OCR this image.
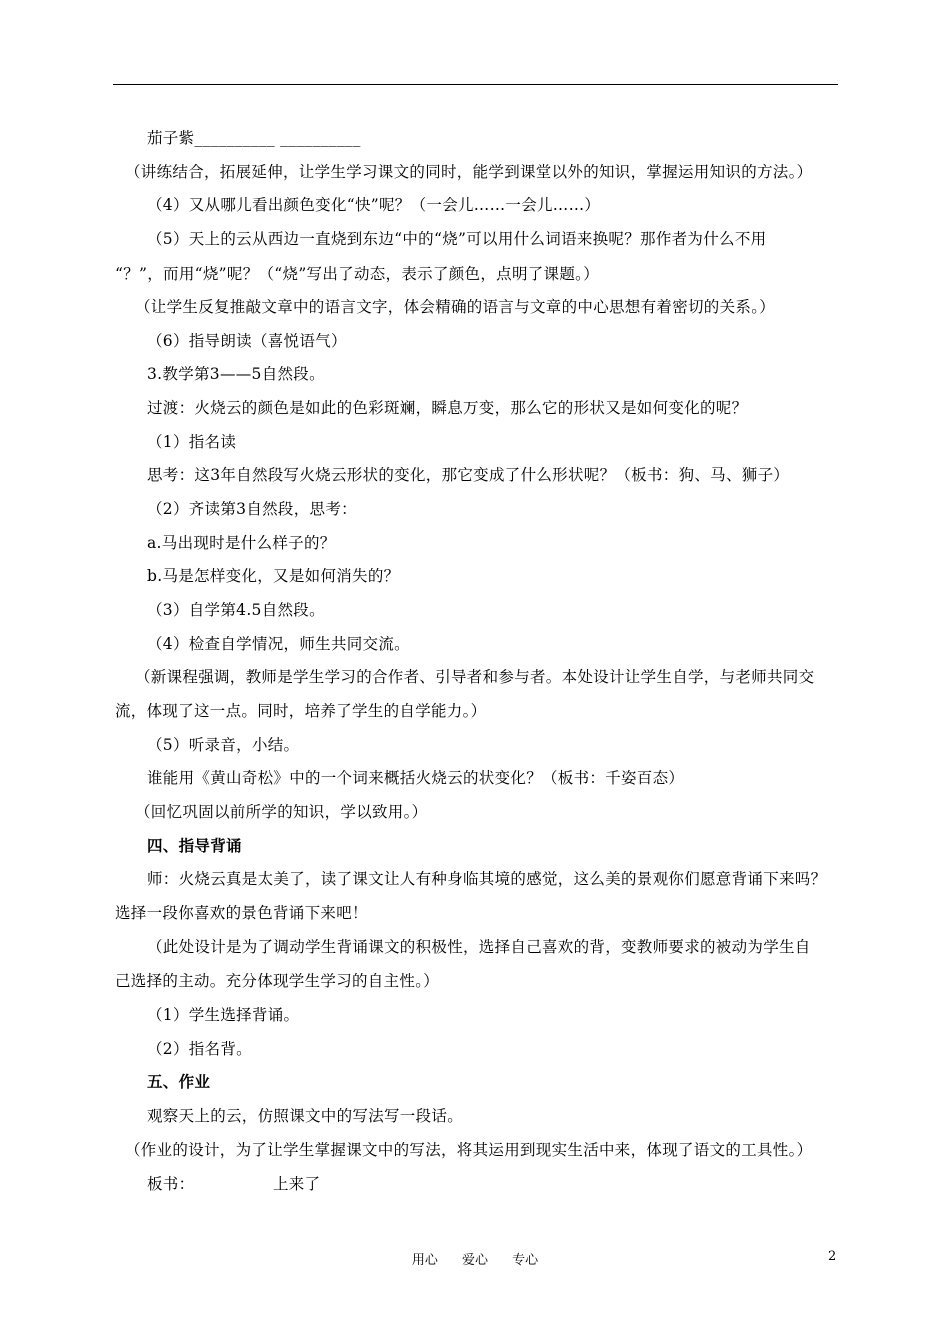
茄子紫__________ __________
（讲练结合，拓展延伸，让学生学习课文的同时，能学到课堂以外的知识，掌握运用知识的方法。）
（4）又从哪儿看出颜色变化“快”呢？（一会儿……一会儿……）
（5）天上的云从西边一直烧到东边“中的“烧”可以用什么词语来换呢？那作者为什么不用
“？”，而用“烧”呢？（“烧”写出了动态，表示了颜色，点明了课题。）
（让学生反复推敲文章中的语言文字，体会精确的语言与文章的中心思想有着密切的关系。）
（6）指导朗读（喜悦语气）
3.教学第3——5自然段。
过渡：火烧云的颜色是如此的色彩斑斓，瞬息万变，那么它的形状又是如何变化的呢？
（1）指名读
思考：这3年自然段写火烧云形状的变化，那它变成了什么形状呢？（板书：狗、马、狮子）
（2）齐读第3自然段，思考：
a.马出现时是什么样子的？
b.马是怎样变化，又是如何消失的？
（3）自学第4.5自然段。
（4）检查自学情况，师生共同交流。
（新课程强调，教师是学生学习的合作者、引导者和参与者。本处设计让学生自学，与老师共同交
流，体现了这一点。同时，培养了学生的自学能力。）
（5）听录音，小结。
谁能用《黄山奇松》中的一个词来概括火烧云的状变化？（板书：千姿百态）
（回忆巩固以前所学的知识，学以致用。）
四、指导背诵
师：火烧云真是太美了，读了课文让人有种身临其境的感觉，这么美的景观你们愿意背诵下来吗？
选择一段你喜欢的景色背诵下来吧！
（此处设计是为了调动学生背诵课文的积极性，选择自己喜欢的背，变教师要求的被动为学生自
己选择的主动。充分体现学生学习的自主性。）
（1）学生选择背诵。
（2）指名背。
五、作业
观察天上的云，仿照课文中的写法写一段话。
（作业的设计，为了让学生掌握课文中的写法，将其运用到现实生活中来，体现了语文的工具性。）
板书：	上来了
用心 爱心 专心	2
